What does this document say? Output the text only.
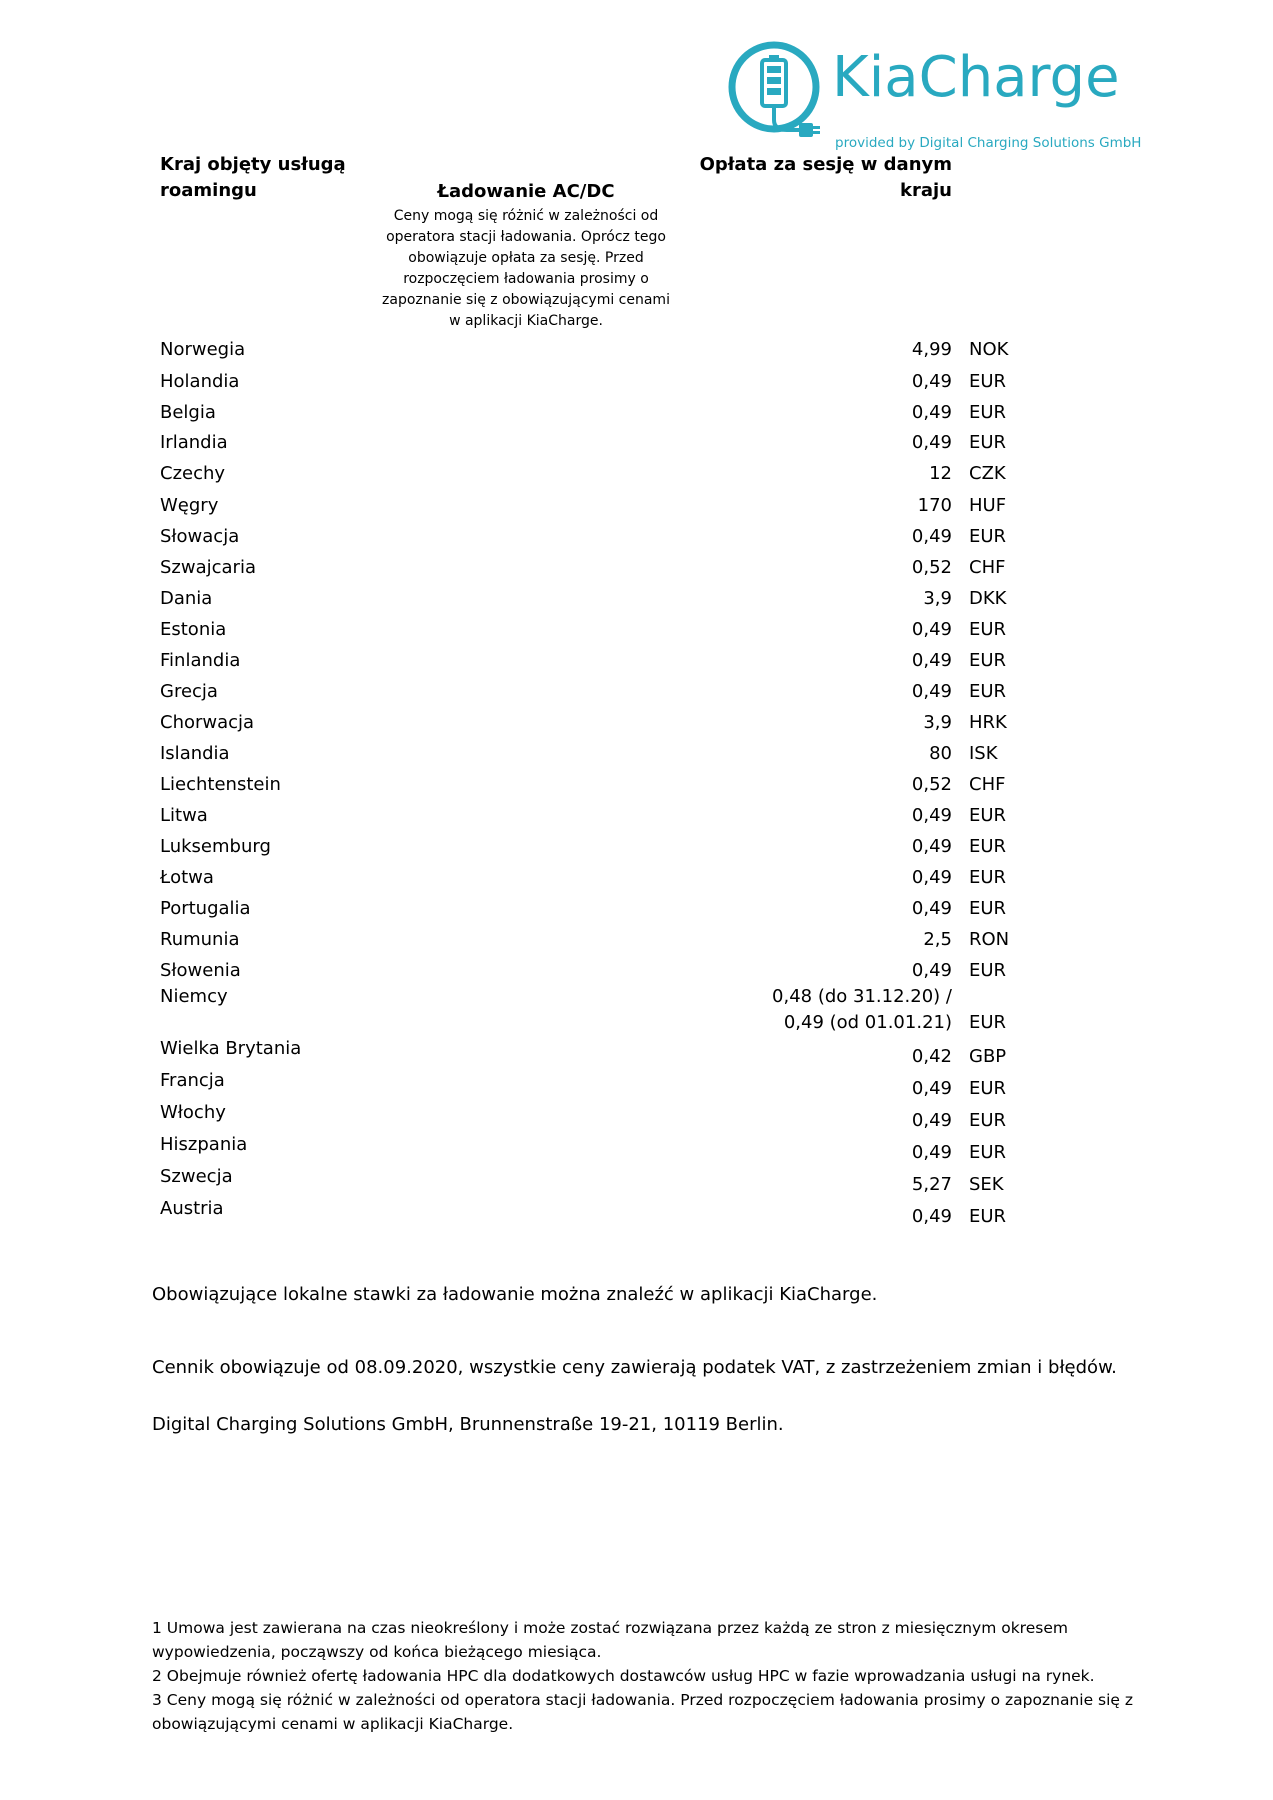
KiaCharge
provided by Digital Charging Solutions GmbH
Kraj objęty usługą
roamingu	Ładowanie AC/DC
Ceny mogą się różnić w zależności od operatora stacji ładowania. Oprócz tego obowiązuje opłata za sesję. Przed rozpoczęciem ładowania prosimy o zapoznanie się z obowiązującymi cenami w aplikacji KiaCharge.
Opłata za sesję w danym
kraju
Norwegia	4,99 NOK
Holandia	0,49 EUR
Belgia	0,49 EUR
Irlandia	0,49 EUR
Czechy	12 CZK
Węgry	170 HUF
Słowacja	0,49 EUR
Szwajcaria	0,52 CHF
Dania	3,9 DKK
Estonia	0,49 EUR
Finlandia	0,49 EUR
Grecja	0,49 EUR
Chorwacja	3,9 HRK
Islandia	80 ISK
Liechtenstein	0,52 CHF
Litwa	0,49 EUR
Luksemburg	0,49 EUR
Łotwa	0,49 EUR
Portugalia	0,49 EUR
Rumunia	2,5 RON
Słowenia	0,49 EUR
Niemcy	0,48 (do 31.12.20) /
0,49 (od 01.01.21) EUR
Wielka Brytania	0,42 GBP
Francja	0,49 EUR
Włochy	0,49 EUR
Hiszpania	0,49 EUR
Szwecja	5,27 SEK
Austria	0,49 EUR
Obowiązujące lokalne stawki za ładowanie można znaleźć w aplikacji KiaCharge.
Cennik obowiązuje od 08.09.2020, wszystkie ceny zawierają podatek VAT, z zastrzeżeniem zmian i błędów.
Digital Charging Solutions GmbH, Brunnenstraße 19-21, 10119 Berlin.
1 Umowa jest zawierana na czas nieokreślony i może zostać rozwiązana przez każdą ze stron z miesięcznym okresem wypowiedzenia, począwszy od końca bieżącego miesiąca.
2 Obejmuje również ofertę ładowania HPC dla dodatkowych dostawców usług HPC w fazie wprowadzania usługi na rynek.
3 Ceny mogą się różnić w zależności od operatora stacji ładowania. Przed rozpoczęciem ładowania prosimy o zapoznanie się z obowiązującymi cenami w aplikacji KiaCharge.
